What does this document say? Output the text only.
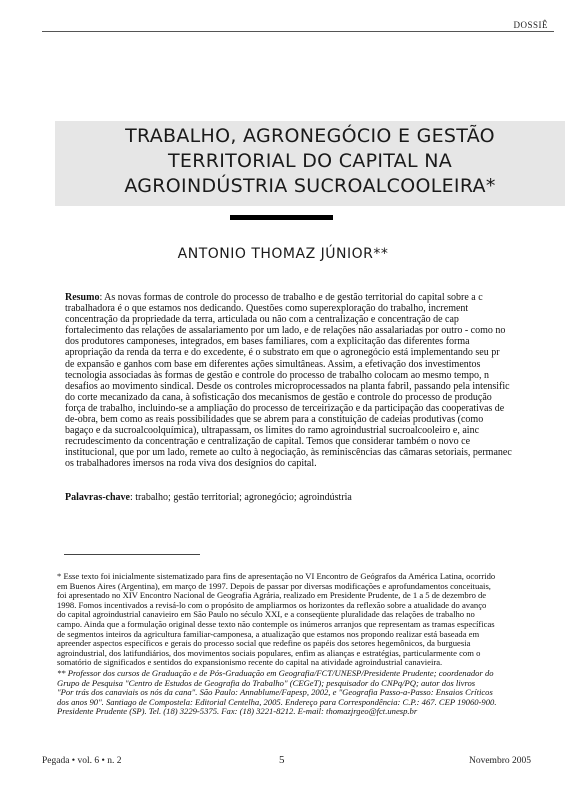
DOSSIÊ
TRABALHO, AGRONEGÓCIO E GESTÃO
TERRITORIAL DO CAPITAL NA
AGROINDÚSTRIA SUCROALCOOLEIRA*
ANTONIO THOMAZ JÚNIOR**
Resumo: As novas formas de controle do processo de trabalho e de gestão territorial do capital sobre a c
trabalhadora é o que estamos nos dedicando. Questões como superexploração do trabalho, increment
concentração da propriedade da terra, articulada ou não com a centralização e concentração de cap
fortalecimento das relações de assalariamento por um lado, e de relações não assalariadas por outro - como no
dos produtores camponeses, integrados, em bases familiares, com a explicitação das diferentes forma
apropriação da renda da terra e do excedente, é o substrato em que o agronegócio está implementando seu pr
de expansão e ganhos com base em diferentes ações simultâneas. Assim, a efetivação dos investimentos
tecnologia associadas às formas de gestão e controle do processo de trabalho colocam ao mesmo tempo, n
desafios ao movimento sindical. Desde os controles microprocessados na planta fabril, passando pela intensific
do corte mecanizado da cana, à sofisticação dos mecanismos de gestão e controle do processo de produção
força de trabalho, incluindo-se a ampliação do processo de terceirização e da participação das cooperativas de
de-obra, bem como as reais possibilidades que se abrem para a constituição de cadeias produtivas (como
bagaço e da sucroalcoolquímica), ultrapassam, os limites do ramo agroindustrial sucroalcooleiro e, ainc
recrudescimento da concentração e centralização de capital. Temos que considerar também o novo ce
institucional, que por um lado, remete ao culto à negociação, às reminiscências das câmaras setoriais, permanec
os trabalhadores imersos na roda viva dos desígnios do capital.
Palavras-chave: trabalho; gestão territorial; agronegócio; agroindústria
* Esse texto foi inicialmente sistematizado para fins de apresentação no VI Encontro de Geógrafos da América Latina, ocorrido
em Buenos Aires (Argentina), em março de 1997. Depois de passar por diversas modificações e aprofundamentos conceituais,
foi apresentado no XIV Encontro Nacional de Geografia Agrária, realizado em Presidente Prudente, de 1 a 5 de dezembro de
1998. Fomos incentivados a revisá-lo com o propósito de ampliarmos os horizontes da reflexão sobre a atualidade do avanço
do capital agroindustrial canavieiro em São Paulo no século XXI, e a conseqüente pluralidade das relações de trabalho no
campo. Ainda que a formulação original desse texto não contemple os inúmeros arranjos que representam as tramas específicas
de segmentos inteiros da agricultura familiar-camponesa, a atualização que estamos nos propondo realizar está baseada em
apreender aspectos específicos e gerais do processo social que redefine os papéis dos setores hegemônicos, da burguesia
agroindustrial, dos latifundiários, dos movimentos sociais populares, enfim as alianças e estratégias, particularmente com o
somatório de significados e sentidos do expansionismo recente do capital na atividade agroindustrial canavieira.
** Professor dos cursos de Graduação e de Pós-Graduação em Geografia/FCT/UNESP/Presidente Prudente; coordenador do
Grupo de Pesquisa "Centro de Estudos de Geografia do Trabalho" (CEGeT); pesquisador do CNPq/PQ; autor dos livros
"Por trás dos canaviais os nós da cana". São Paulo: Annablume/Fapesp, 2002, e "Geografia Passo-a-Passo: Ensaios Críticos
dos anos 90". Santiago de Compostela: Editorial Centelha, 2005. Endereço para Correspondência: C.P.: 467. CEP 19060-900.
Presidente Prudente (SP). Tel. (18) 3229-5375. Fax: (18) 3221-8212. E-mail: thomazjrgeo@fct.unesp.br
Pegada • vol. 6 • n. 2	5	Novembro 2005
